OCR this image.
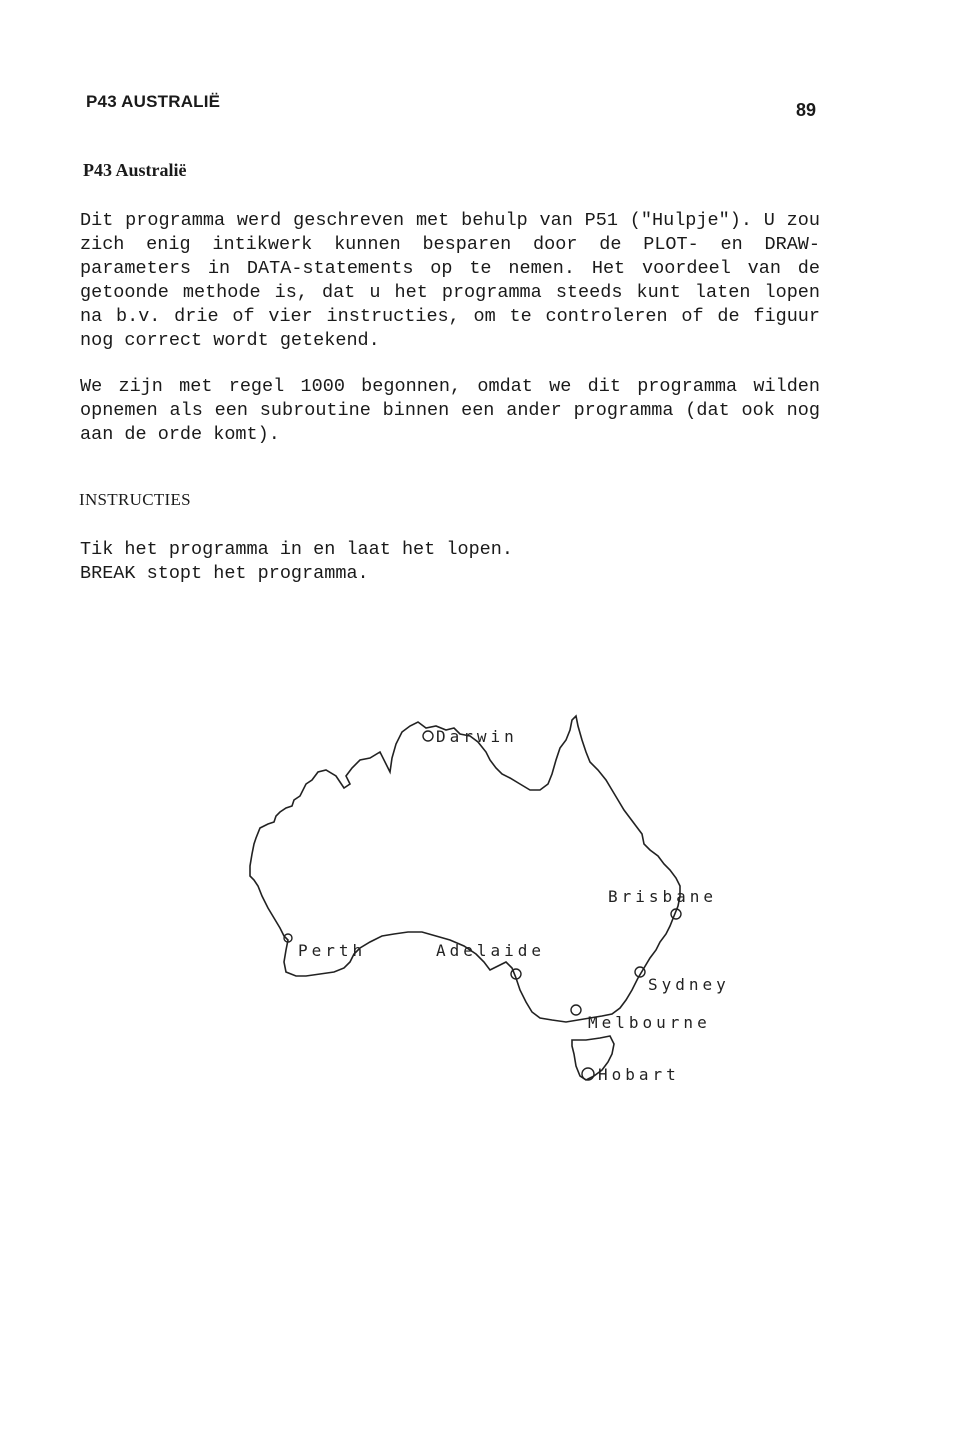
P43 AUSTRALIË	89
P43 Australië
Dit programma werd geschreven met behulp van P51 ("Hulpje"). U zou zich enig intikwerk kunnen besparen door de PLOT- en DRAW-parameters in DATA-statements op te nemen. Het voordeel van de getoonde methode is, dat u het programma steeds kunt laten lopen na b.v. drie of vier instructies, om te controleren of de figuur nog correct wordt getekend.
We zijn met regel 1000 begonnen, omdat we dit programma wilden opnemen als een subroutine binnen een ander programma (dat ook nog aan de orde komt).
INSTRUCTIES
Tik het programma in en laat het lopen.
BREAK stopt het programma.
Darwin
Brisbane
Perth	Adelaide
Sydney
Melbourne
Hobart
